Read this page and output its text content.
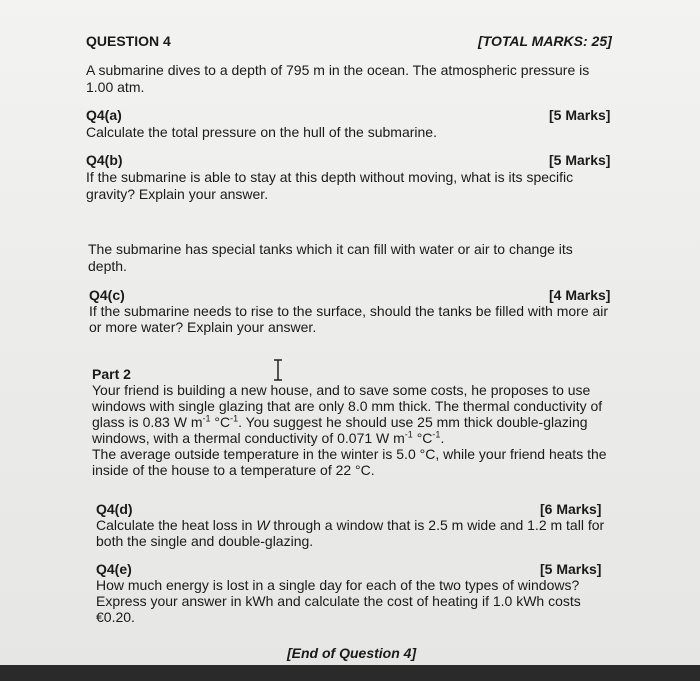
QUESTION 4	[TOTAL MARKS: 25]
A submarine dives to a depth of 795 m in the ocean. The atmospheric pressure is
1.00 atm.
Q4(a)	[5 Marks]
Calculate the total pressure on the hull of the submarine.
Q4(b)	[5 Marks]
If the submarine is able to stay at this depth without moving, what is its specific
gravity? Explain your answer.
The submarine has special tanks which it can fill with water or air to change its
depth.
Q4(c)	[4 Marks]
If the submarine needs to rise to the surface, should the tanks be filled with more air
or more water? Explain your answer.
Part 2
Your friend is building a new house, and to save some costs, he proposes to use
windows with single glazing that are only 8.0 mm thick. The thermal conductivity of
glass is 0.83 W $m^{-1}$ $^\circ C^{-1}$. You suggest he should use 25 mm thick double-glazing
windows, with a thermal conductivity of 0.071 W $m^{-1}$ $^\circ C^{-1}$.
The average outside temperature in the winter is 5.0 °C, while your friend heats the
inside of the house to a temperature of 22 °C.
Q4(d)	[6 Marks]
Calculate the heat loss in W through a window that is 2.5 m wide and 1.2 m tall for
both the single and double-glazing.
Q4(e)	[5 Marks]
How much energy is lost in a single day for each of the two types of windows?
Express your answer in kWh and calculate the cost of heating if 1.0 kWh costs
€0.20.
[End of Question 4]
